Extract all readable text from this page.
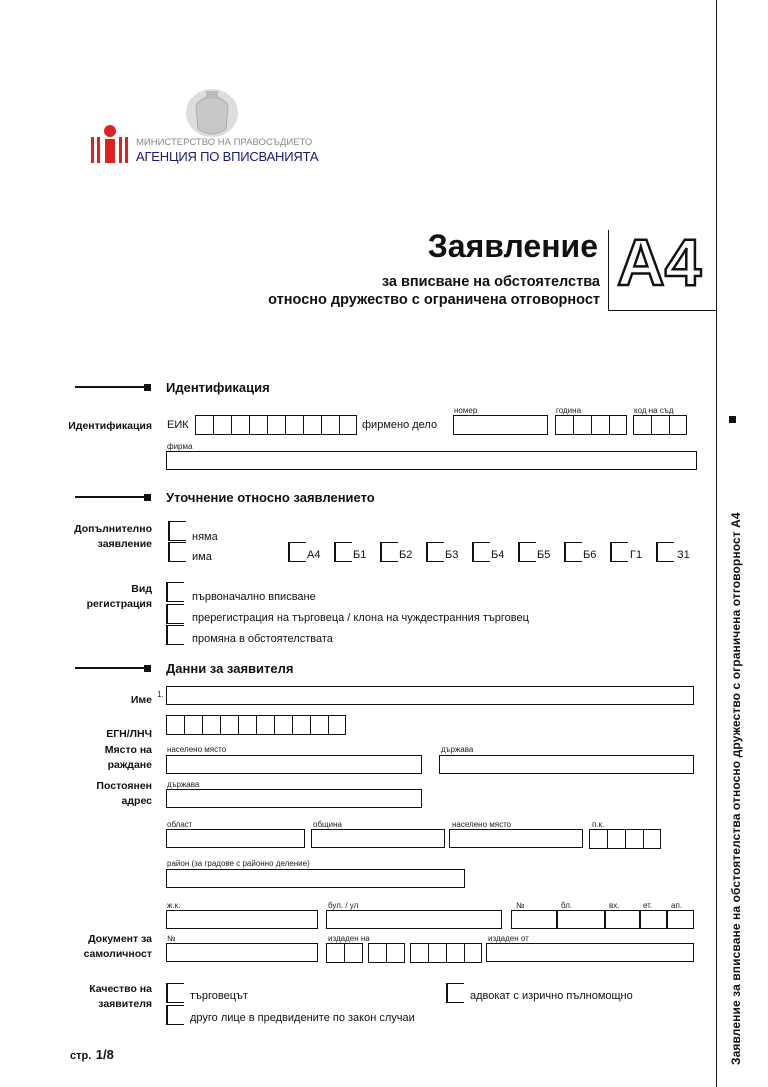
МИНИСТЕРСТВО НА ПРАВОСЪДИЕТО
АГЕНЦИЯ ПО ВПИСВАНИЯТА
Заявление
за вписване на обстоятелства
относно дружество с ограничена отговорност
А4
Заявление за вписване на обстоятелства относно дружество с ограничена отговорност А4
Идентификация
Идентификация ЕИК	фирмено дело
номер	година	код на съд
фирма
Уточнение относно заявлението
Допълнително заявление
няма
има	А4	Б1	Б2	Б3	Б4	Б5	Б6	Г1	З1
Вид регистрация
първоначално вписване
пререгистрация на търговеца / клона на чуждестранния търговец
промяна в обстоятелствата
Данни за заявителя
Име 1.
ЕГН/ЛНЧ
Място на раждане
населено място	държава
Постоянен адрес
държава
област	община	населено място	п.к.
район (за градове с районно деление)
ж.к.	бул. / ул	№	бл.	вх.	ет. ап.
Документ за самоличност
№	издаден на	издаден от
Качество на заявителя
търговецът	адвокат с изрично пълномощно
друго лице в предвидените по закон случаи
стр. 1/8
